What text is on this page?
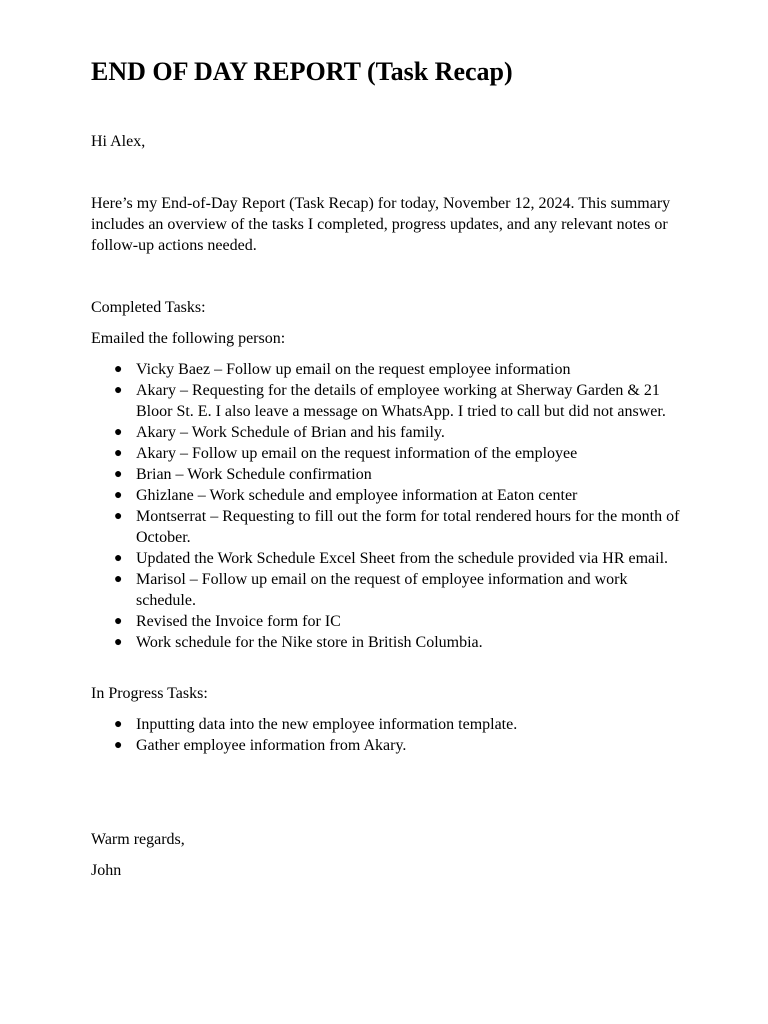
END OF DAY REPORT (Task Recap)

Hi Alex,

Here’s my End-of-Day Report (Task Recap) for today, November 12, 2024. This summary includes an overview of the tasks I completed, progress updates, and any relevant notes or follow-up actions needed.

Completed Tasks:

Emailed the following person:

● Vicky Baez – Follow up email on the request employee information
● Akary – Requesting for the details of employee working at Sherway Garden & 21 Bloor St. E. I also leave a message on WhatsApp. I tried to call but did not answer.
● Akary – Work Schedule of Brian and his family.
● Akary – Follow up email on the request information of the employee
● Brian – Work Schedule confirmation
● Ghizlane – Work schedule and employee information at Eaton center
● Montserrat – Requesting to fill out the form for total rendered hours for the month of October.
● Updated the Work Schedule Excel Sheet from the schedule provided via HR email.
● Marisol – Follow up email on the request of employee information and work schedule.
● Revised the Invoice form for IC
● Work schedule for the Nike store in British Columbia.

In Progress Tasks:

● Inputting data into the new employee information template.
● Gather employee information from Akary.

Warm regards,

John
